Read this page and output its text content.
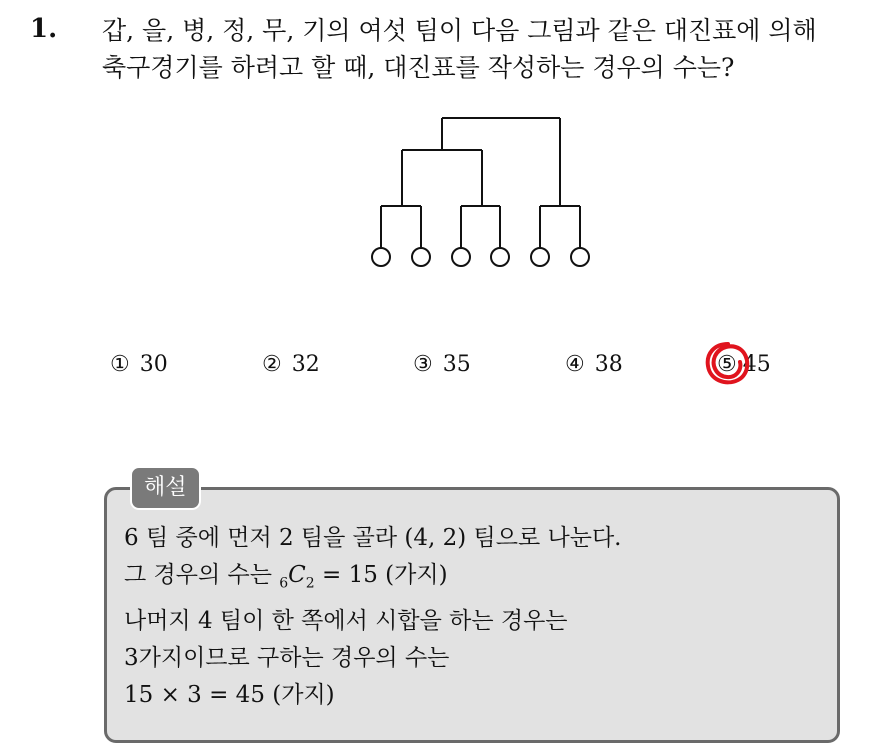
1. 갑, 을, 병, 정, 무, 기의 여섯 팀이 다음 그림과 같은 대진표에 의해
축구경기를 하려고 할 때, 대진표를 작성하는 경우의 수는?
① 30	② 32	③ 35	④ 38	⑤ 45
해설
6 팀 중에 먼저 2 팀을 골라 (4, 2) 팀으로 나눈다.
그 경우의 수는 $_6C_2 = 15$ (가지)
나머지 4 팀이 한 쪽에서 시합을 하는 경우는
3가지이므로 구하는 경우의 수는
15 × 3 = 45 (가지)
